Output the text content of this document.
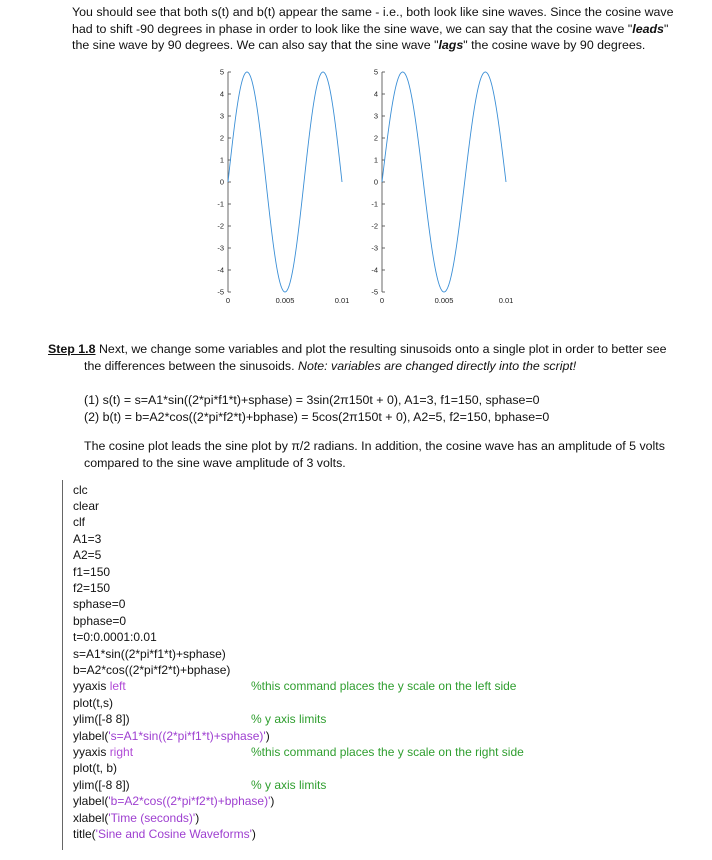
You should see that both s(t) and b(t) appear the same - i.e., both look like sine waves. Since the cosine wave
had to shift -90 degrees in phase in order to look like the sine wave, we can say that the cosine wave "leads"
the sine wave by 90 degrees. We can also say that the sine wave "lags" the cosine wave by 90 degrees.
5
4
3
2
1
0
-1
-2
-3
-4
-5
0	0.005	0.01
5
4
3
2
1
0
-1
-2
-3
-4
-5
0	0.005	0.01
Step 1.8 Next, we change some variables and plot the resulting sinusoids onto a single plot in order to better see
the differences between the sinusoids. Note: variables are changed directly into the script!
(1) s(t) = s=A1*sin((2*pi*f1*t)+sphase) = 3sin(2π150t + 0), A1=3, f1=150, sphase=0
(2) b(t) = b=A2*cos((2*pi*f2*t)+bphase) = 5cos(2π150t + 0), A2=5, f2=150, bphase=0
The cosine plot leads the sine plot by π/2 radians. In addition, the cosine wave has an amplitude of 5 volts
compared to the sine wave amplitude of 3 volts.
clc
clear
clf
A1=3
A2=5
f1=150
f2=150
sphase=0
bphase=0
t=0:0.0001:0.01
s=A1*sin((2*pi*f1*t)+sphase)
b=A2*cos((2*pi*f2*t)+bphase)
yyaxis left	%this command places the y scale on the left side
plot(t,s)
ylim([-8 8])	% y axis limits
ylabel('s=A1*sin((2*pi*f1*t)+sphase)')
yyaxis right	%this command places the y scale on the right side
plot(t, b)
ylim([-8 8])	% y axis limits
ylabel('b=A2*cos((2*pi*f2*t)+bphase)')
xlabel('Time (seconds)')
title('Sine and Cosine Waveforms')
